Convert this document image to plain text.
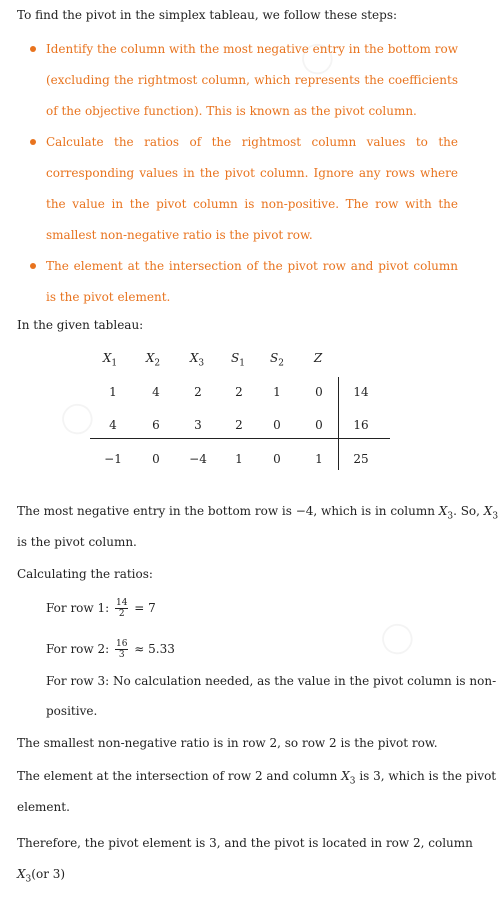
To find the pivot in the simplex tableau, we follow these steps:
Identify the column with the most negative entry in the bottom row (excluding the rightmost column, which represents the coefficients of the objective function). This is known as the pivot column.
Calculate the ratios of the rightmost column values to the corresponding values in the pivot column. Ignore any rows where the value in the pivot column is non-positive. The row with the smallest non-negative ratio is the pivot row.
The element at the intersection of the pivot row and pivot column is the pivot element.
In the given tableau:
$X_1$	$X_2$	$X_3$	$S_1$	$S_2$	Z
1	4	2	2	1	0	14
4	6	3	2	0	0	16
−1	0	−4	1	0	1	25
The most negative entry in the bottom row is −4, which is in column $X_3$. So, $X_3$
is the pivot column.
Calculating the ratios:
For row 1: $\frac{14}{2} = 7$
For row 2: $\frac{16}{3} \approx 5.33$
For row 3: No calculation needed, as the value in the pivot column is non-
positive.
The smallest non-negative ratio is in row 2, so row 2 is the pivot row.
The element at the intersection of row 2 and column $X_3$ is 3, which is the pivot
element.
Therefore, the pivot element is 3, and the pivot is located in row 2, column
$X_3(or$ 3)
